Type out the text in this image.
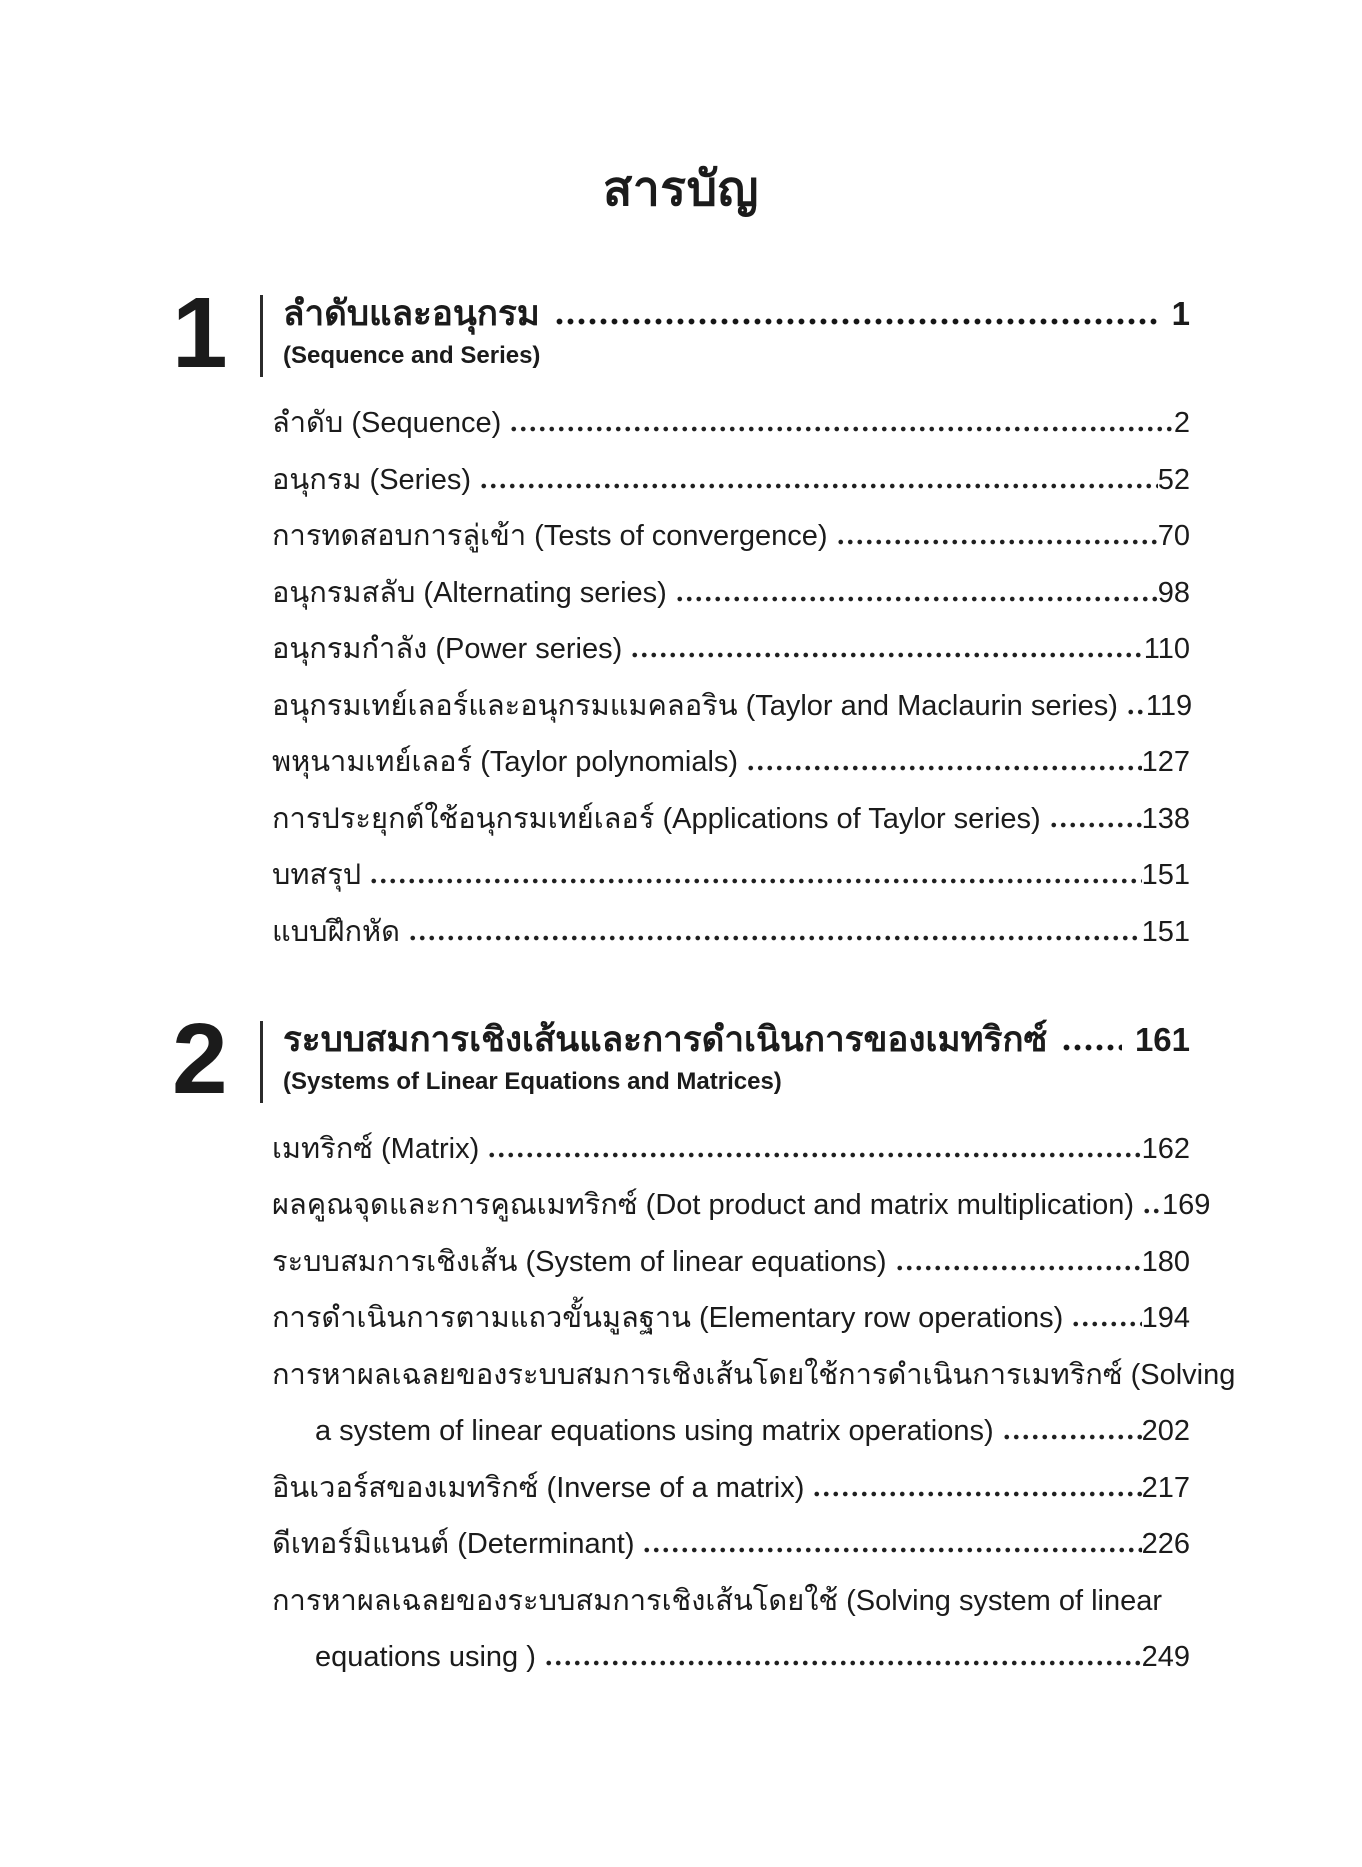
สารบัญ
1	ลำดับและอนุกรม	1
(Sequence and Series)
ลำดับ (Sequence)	2
อนุกรม (Series)	52
การทดสอบการลู่เข้า (Tests of convergence)	70
อนุกรมสลับ (Alternating series)	98
อนุกรมกำลัง (Power series)	110
อนุกรมเทย์เลอร์และอนุกรมแมคลอริน (Taylor and Maclaurin series) 119
พหุนามเทย์เลอร์ (Taylor polynomials)	127
การประยุกต์ใช้อนุกรมเทย์เลอร์ (Applications of Taylor series)	138
บทสรุป	151
แบบฝึกหัด	151
2	ระบบสมการเชิงเส้นและการดำเนินการของเมทริกซ์	161
(Systems of Linear Equations and Matrices)
เมทริกซ์ (Matrix)	162
ผลคูณจุดและการคูณเมทริกซ์ (Dot product and matrix multiplication) 169
ระบบสมการเชิงเส้น (System of linear equations)	180
การดำเนินการตามแถวขั้นมูลฐาน (Elementary row operations)	194
การหาผลเฉลยของระบบสมการเชิงเส้นโดยใช้การดำเนินการเมทริกซ์ (Solving
a system of linear equations using matrix operations)	202
อินเวอร์สของเมทริกซ์ (Inverse of a matrix)	217
ดีเทอร์มิแนนต์ (Determinant)	226
การหาผลเฉลยของระบบสมการเชิงเส้นโดยใช้ (Solving system of linear
equations using )	249
